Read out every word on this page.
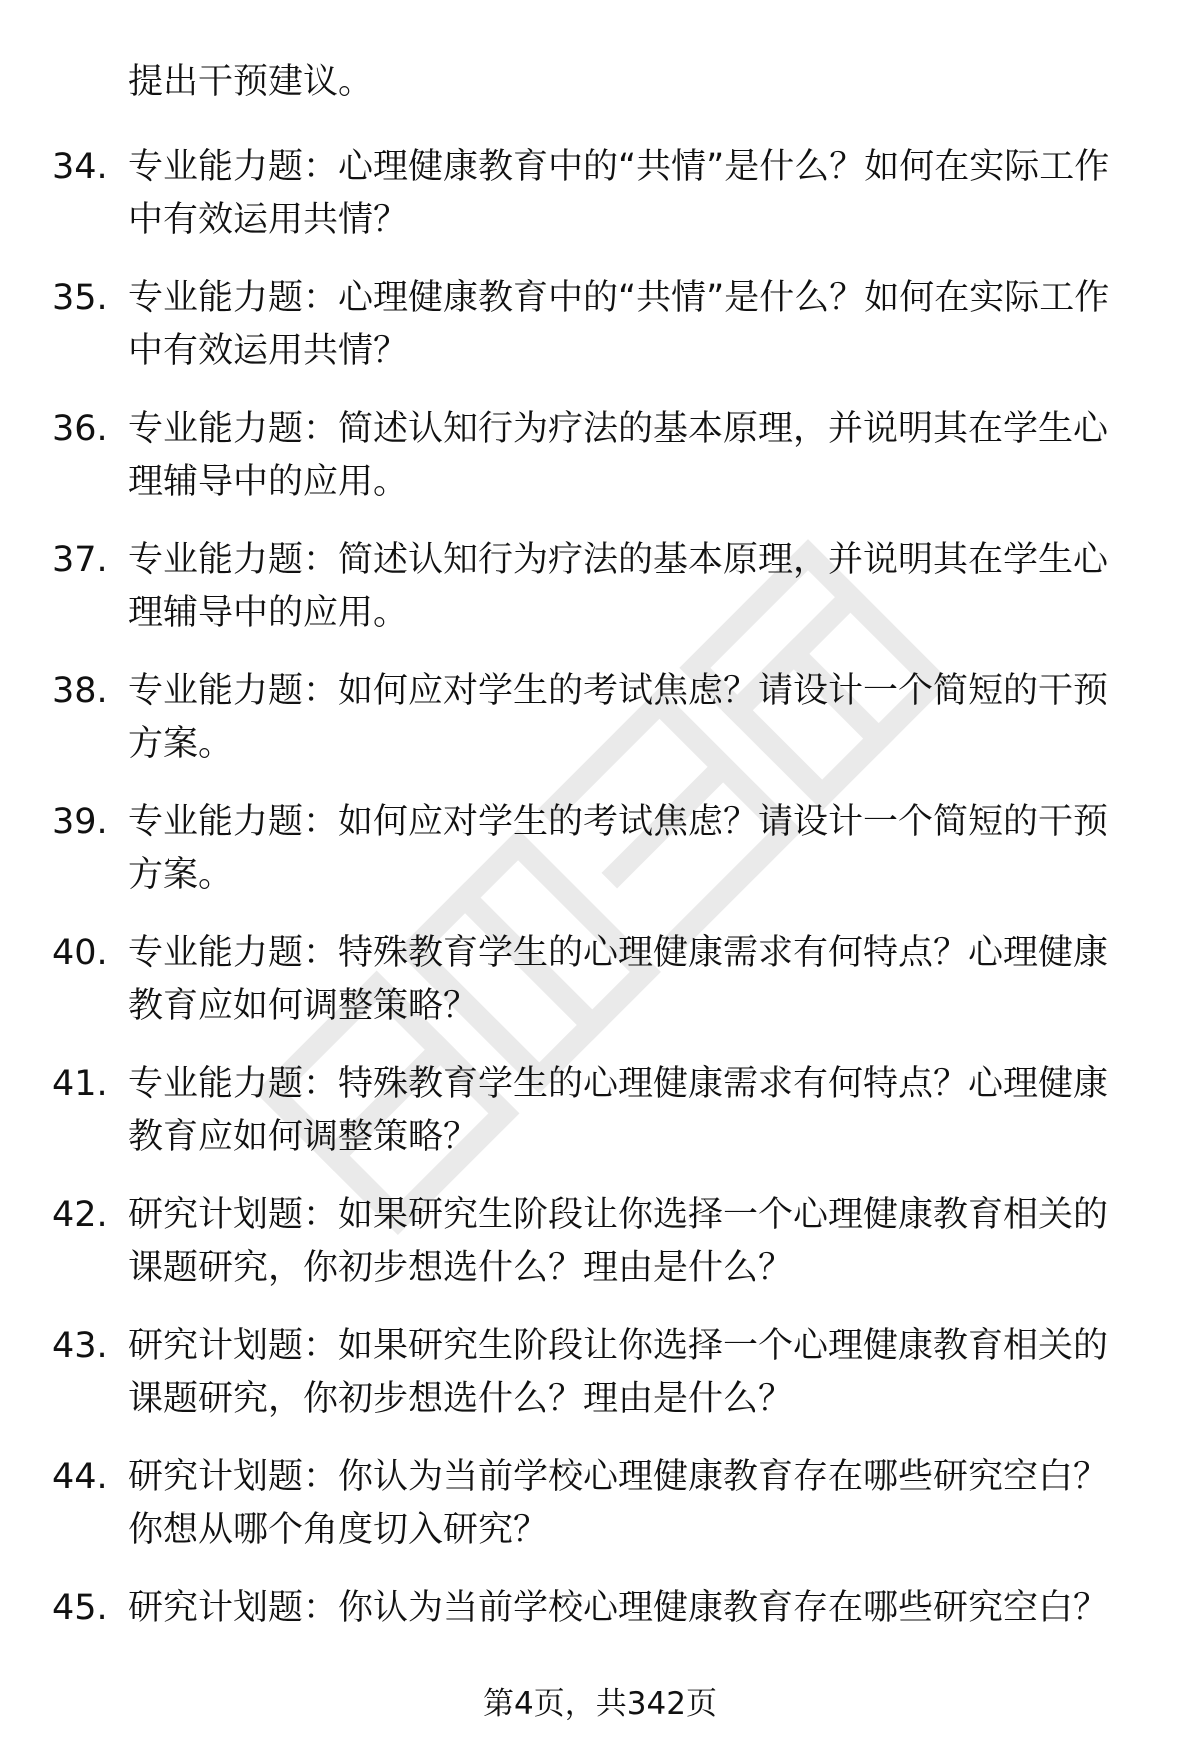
提出干预建议。
34. 专业能力题：心理健康教育中的“共情”是什么？如何在实际工作中有效运用共情？
35. 专业能力题：心理健康教育中的“共情”是什么？如何在实际工作中有效运用共情？
36. 专业能力题：简述认知行为疗法的基本原理，并说明其在学生心理辅导中的应用。
37. 专业能力题：简述认知行为疗法的基本原理，并说明其在学生心理辅导中的应用。
38. 专业能力题：如何应对学生的考试焦虑？请设计一个简短的干预方案。
39. 专业能力题：如何应对学生的考试焦虑？请设计一个简短的干预方案。
40. 专业能力题：特殊教育学生的心理健康需求有何特点？心理健康教育应如何调整策略？
41. 专业能力题：特殊教育学生的心理健康需求有何特点？心理健康教育应如何调整策略？
42. 研究计划题：如果研究生阶段让你选择一个心理健康教育相关的课题研究，你初步想选什么？理由是什么？
43. 研究计划题：如果研究生阶段让你选择一个心理健康教育相关的课题研究，你初步想选什么？理由是什么？
44. 研究计划题：你认为当前学校心理健康教育存在哪些研究空白？你想从哪个角度切入研究？
45. 研究计划题：你认为当前学校心理健康教育存在哪些研究空白？
第4页，共342页
